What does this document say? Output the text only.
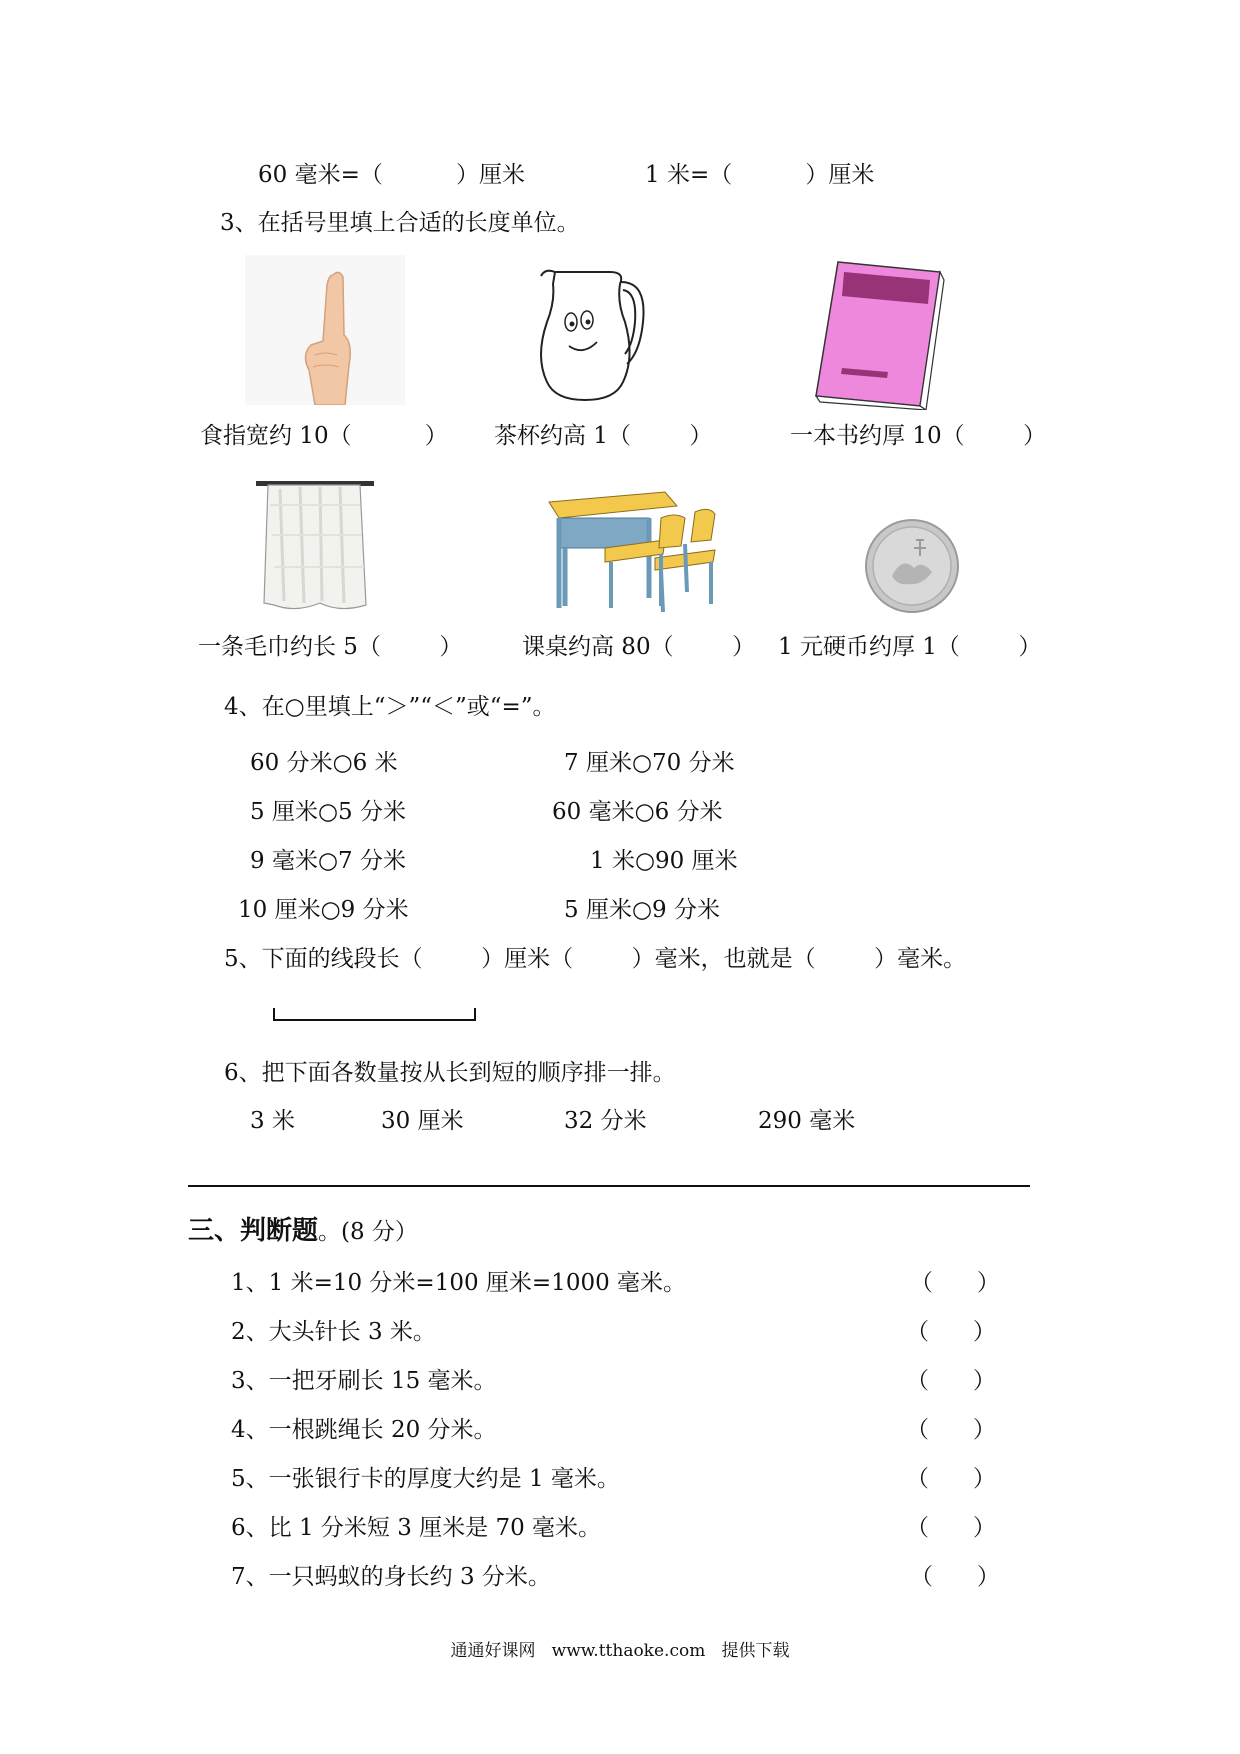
60 毫米=（          ）厘米	1 米=（          ）厘米
3、在括号里填上合适的长度单位。
食指宽约 10（          ） 茶杯约高 1（        ）	一本书约厚 10（        ）
一条毛巾约长 5（        ）	课桌约高 80（        ） 1 元硬币约厚 1（        ）
4、在○里填上“＞”“＜”或“=”。
60 分米○6 米	7 厘米○70 分米
5 厘米○5 分米	60 毫米○6 分米
9 毫米○7 分米	1 米○90 厘米
10 厘米○9 分米	5 厘米○9 分米
5、下面的线段长（        ）厘米（        ）毫米，也就是（        ）毫米。
6、把下面各数量按从长到短的顺序排一排。
3 米	30 厘米	32 分米	290 毫米
三、判断题。(8 分）
1、1 米=10 分米=100 厘米=1000 毫米。	（      ）
2、大头针长 3 米。	（      ）
3、一把牙刷长 15 毫米。	（      ）
4、一根跳绳长 20 分米。	（      ）
5、一张银行卡的厚度大约是 1 毫米。	（      ）
6、比 1 分米短 3 厘米是 70 毫米。	（      ）
7、一只蚂蚁的身长约 3 分米。	（      ）
通通好课网   www.tthaoke.com   提供下载
